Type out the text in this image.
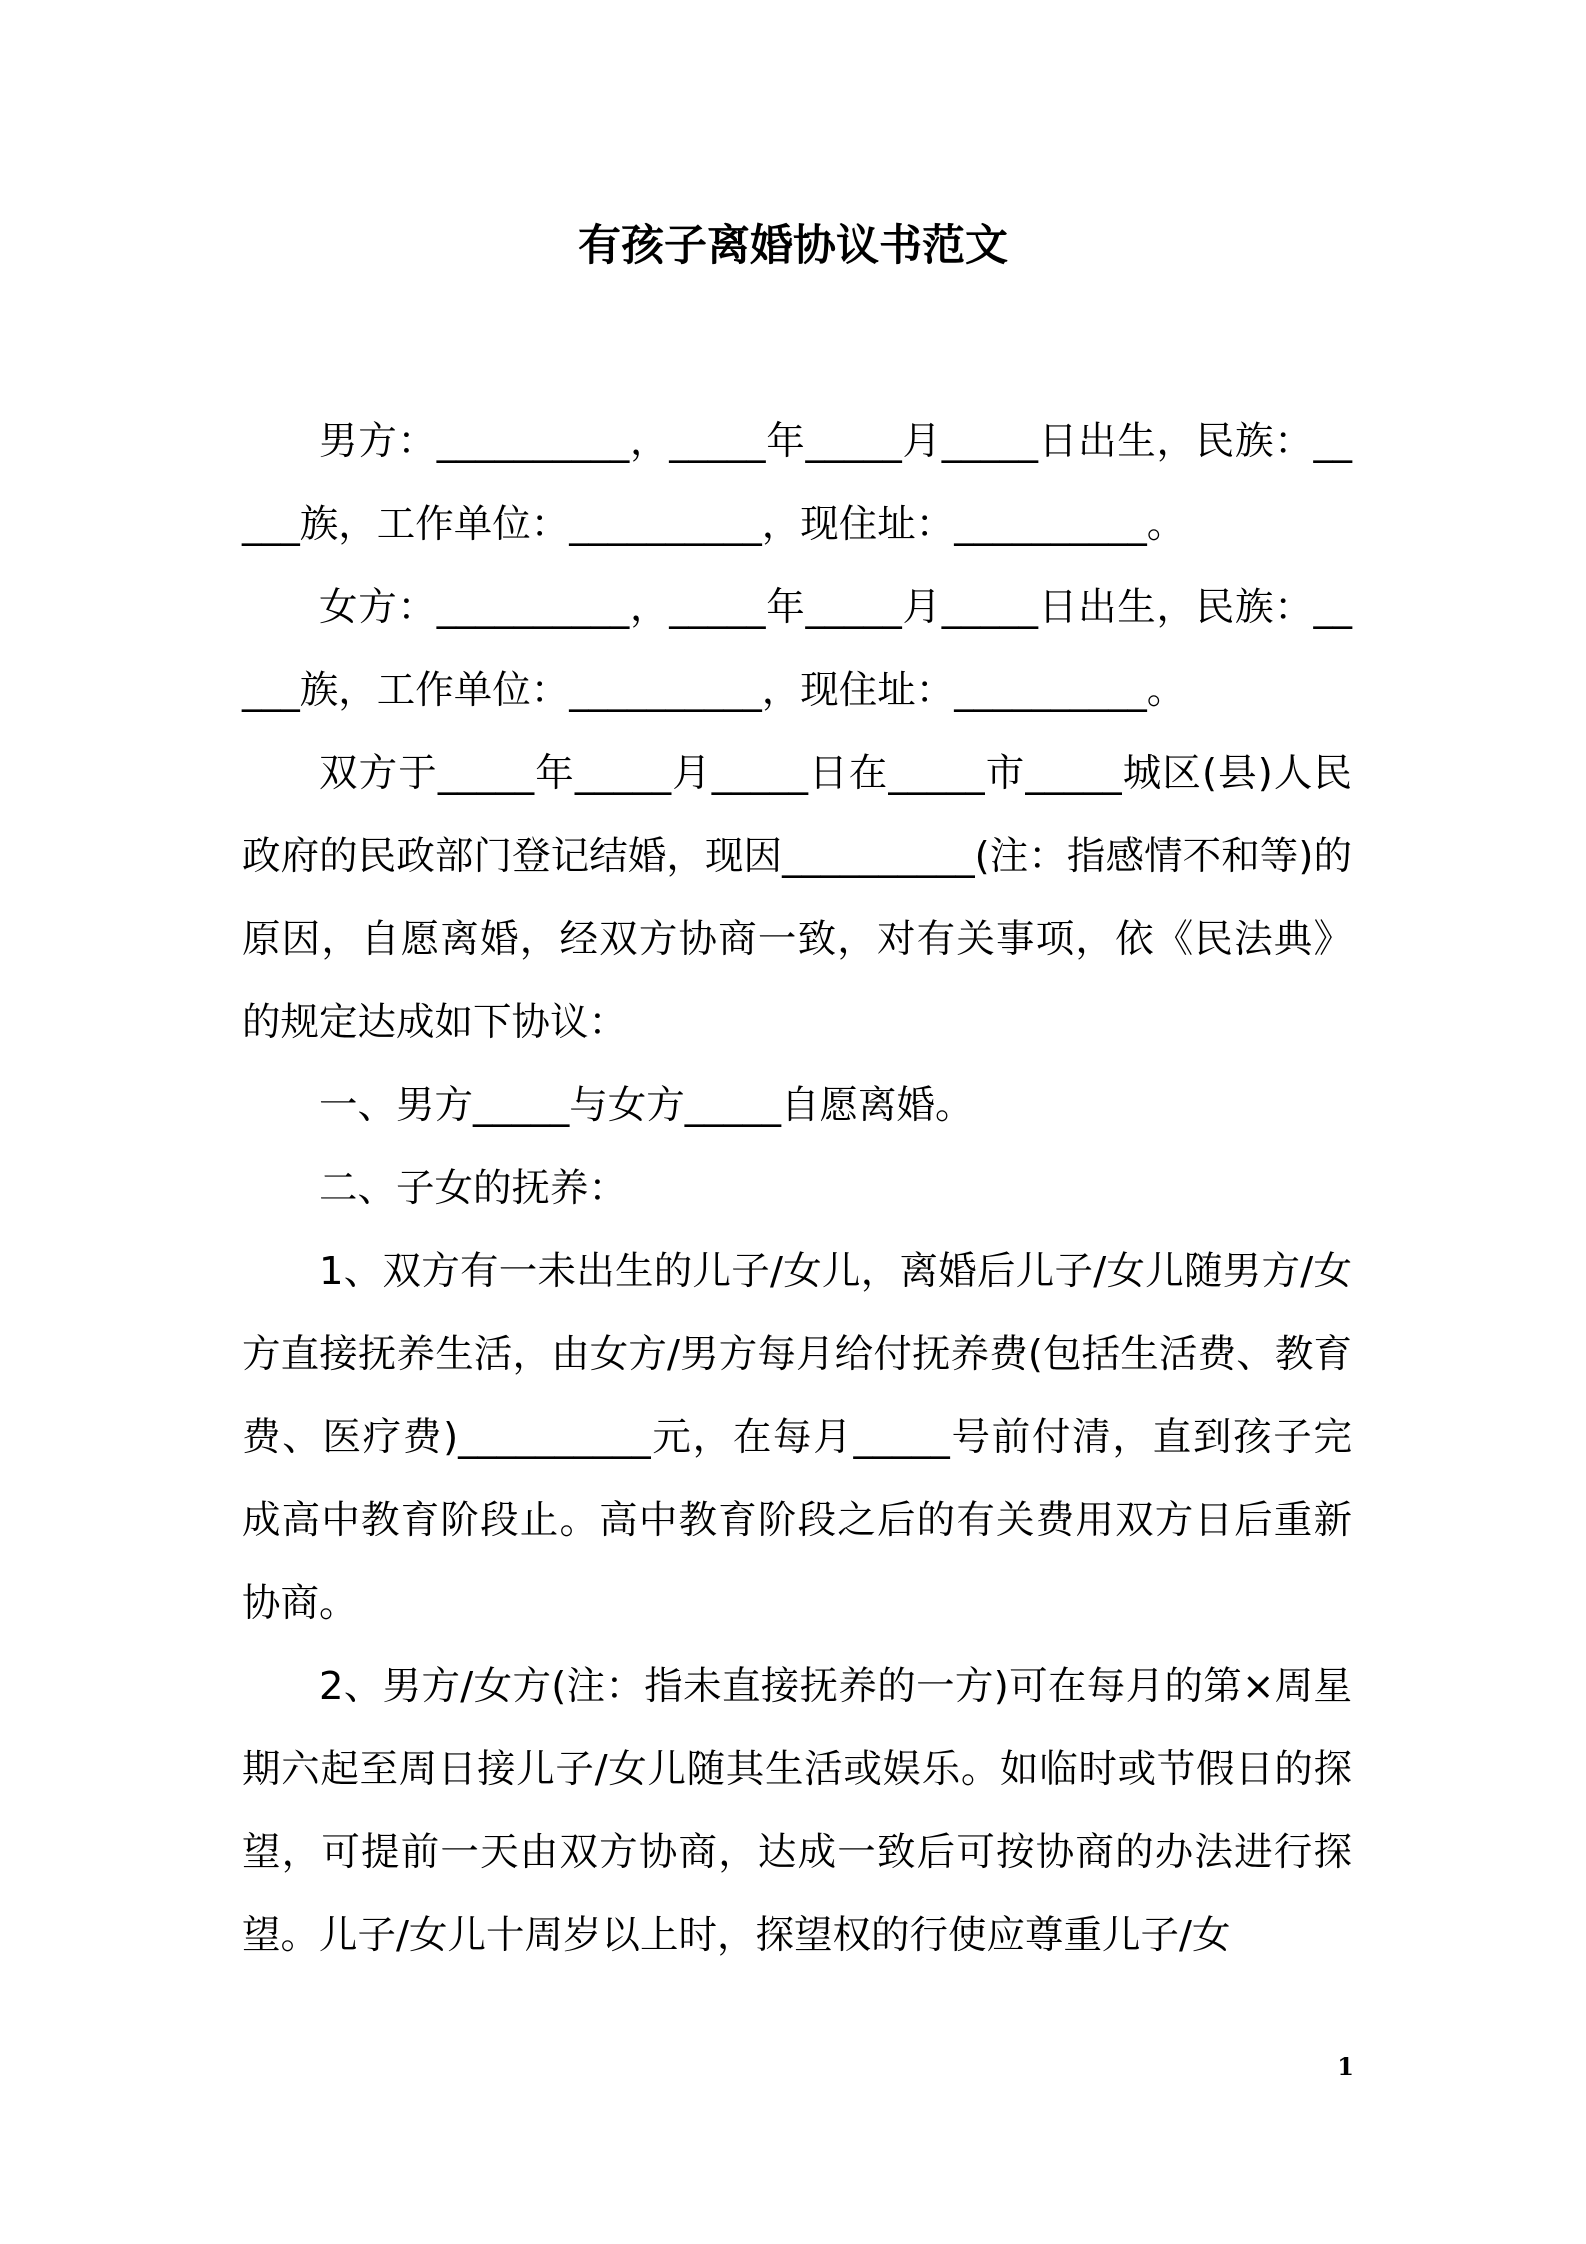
有孩子离婚协议书范文

男方：__________，_____年_____月_____日出生，民族：_____族，工作单位：__________，现住址：__________。

女方：__________，_____年_____月_____日出生，民族：_____族，工作单位：__________，现住址：__________。

双方于_____年_____月_____日在_____市_____城区(县)人民政府的民政部门登记结婚，现因__________(注：指感情不和等)的原因，自愿离婚，经双方协商一致，对有关事项，依《民法典》的规定达成如下协议：

一、男方_____与女方_____自愿离婚。

二、子女的抚养：

1、双方有一未出生的儿子/女儿，离婚后儿子/女儿随男方/女方直接抚养生活，由女方/男方每月给付抚养费(包括生活费、教育费、医疗费)__________元，在每月_____号前付清，直到孩子完成高中教育阶段止。高中教育阶段之后的有关费用双方日后重新协商。

2、男方/女方(注：指未直接抚养的一方)可在每月的第×周星期六起至周日接儿子/女儿随其生活或娱乐。如临时或节假日的探望，可提前一天由双方协商，达成一致后可按协商的办法进行探望。儿子/女儿十周岁以上时，探望权的行使应尊重儿子/女

1
